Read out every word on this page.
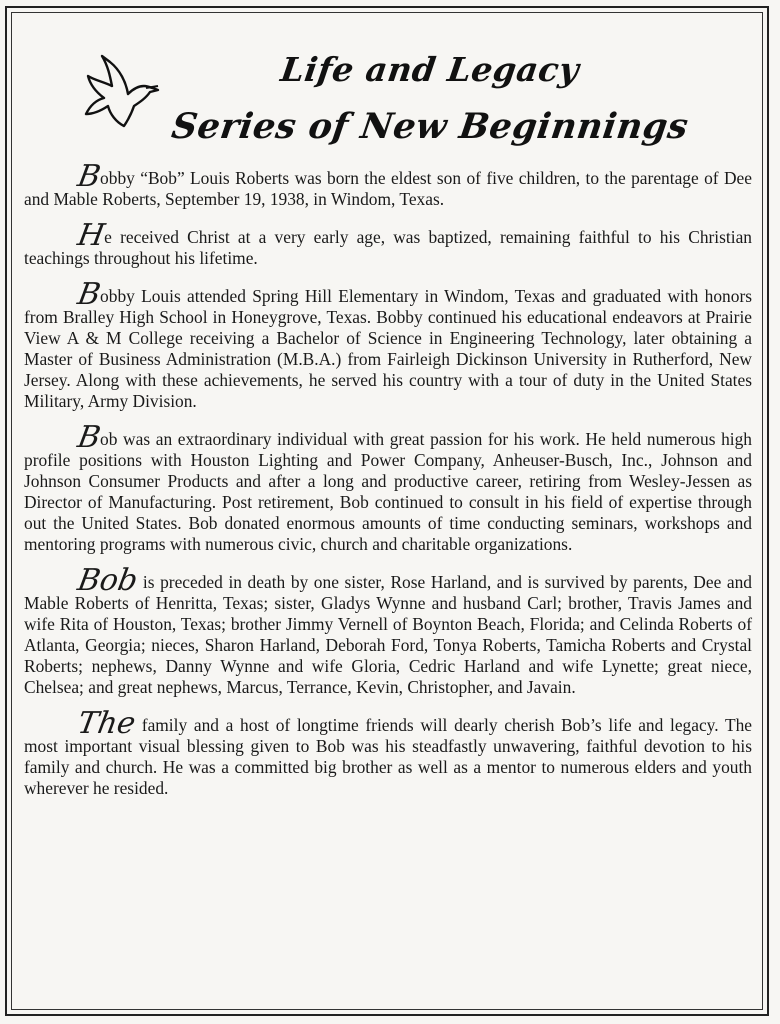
Life and Legacy
Series of New Beginnings

Bobby “Bob” Louis Roberts was born the eldest son of five children, to the parentage of Dee and Mable Roberts, September 19, 1938, in Windom, Texas.

He received Christ at a very early age, was baptized, remaining faithful to his Christian teachings throughout his lifetime.

Bobby Louis attended Spring Hill Elementary in Windom, Texas and graduated with honors from Bralley High School in Honeygrove, Texas. Bobby continued his educational endeavors at Prairie View A & M College receiving a Bachelor of Science in Engineering Technology, later obtaining a Master of Business Administration (M.B.A.) from Fairleigh Dickinson University in Rutherford, New Jersey. Along with these achievements, he served his country with a tour of duty in the United States Military, Army Division.

Bob was an extraordinary individual with great passion for his work. He held numerous high profile positions with Houston Lighting and Power Company, Anheuser-Busch, Inc., Johnson and Johnson Consumer Products and after a long and productive career, retiring from Wesley-Jessen as Director of Manufacturing. Post retirement, Bob continued to consult in his field of expertise through out the United States. Bob donated enormous amounts of time conducting seminars, workshops and mentoring programs with numerous civic, church and charitable organizations.

Bob is preceded in death by one sister, Rose Harland, and is survived by parents, Dee and Mable Roberts of Henritta, Texas; sister, Gladys Wynne and husband Carl; brother, Travis James and wife Rita of Houston, Texas; brother Jimmy Vernell of Boynton Beach, Florida; and Celinda Roberts of Atlanta, Georgia; nieces, Sharon Harland, Deborah Ford, Tonya Roberts, Tamicha Roberts and Crystal Roberts; nephews, Danny Wynne and wife Gloria, Cedric Harland and wife Lynette; great niece, Chelsea; and great nephews, Marcus, Terrance, Kevin, Christopher, and Javain.

The family and a host of longtime friends will dearly cherish Bob’s life and legacy. The most important visual blessing given to Bob was his steadfastly unwavering, faithful devotion to his family and church. He was a committed big brother as well as a mentor to numerous elders and youth wherever he resided.
